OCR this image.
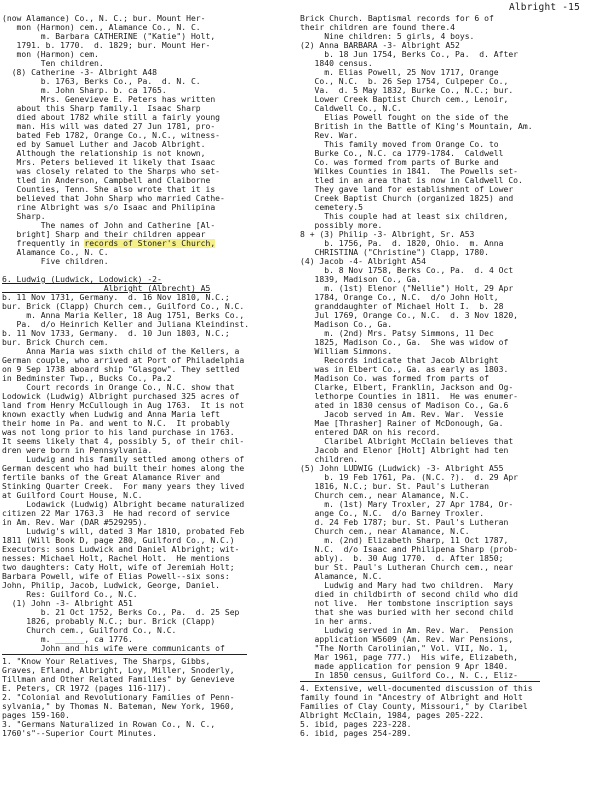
Albright -15
(now Alamance) Co., N. C.; bur. Mount Her-
mon (Harmon) cem., Alamance Co., N. C.
m. Barbara CATHERINE ("Katie") Holt,
1791. b. 1770.  d. 1829; bur. Mount Her-
mon (Harmon) cem.
Ten children.
(8) Catherine -3- Albright A48
b. 1763, Berks Co., Pa.  d. N. C.
m. John Sharp. b. ca 1765.
Mrs. Genevieve E. Peters has written
about this Sharp family.1  Isaac Sharp
died about 1782 while still a fairly young
man. His will was dated 27 Jun 1781, pro-
bated Feb 1782, Orange Co., N.C., witness-
ed by Samuel Luther and Jacob Albright.
Although the relationship is not known,
Mrs. Peters believed it likely that Isaac
was closely related to the Sharps who set-
tled in Anderson, Campbell and Claiborne
Counties, Tenn. She also wrote that it is
believed that John Sharp who married Cathe-
rine Albright was s/o Isaac and Philipina
Sharp.
The names of John and Catherine [Al-
bright] Sharp and their children appear
frequently in records of Stoner's Church,
Alamance Co., N. C.
Five children.
6. Ludwig (Ludwick, Lodowick) -2-
Albright (Albrecht) A5
b. 11 Nov 1731, Germany.  d. 16 Nov 1810, N.C.;
bur. Brick (Clapp) Church cem., Guilford Co., N.C.
m. Anna Maria Keller, 18 Aug 1751, Berks Co.,
Pa.  d/o Heinrich Keller and Juliana Kleindinst.
b. 11 Nov 1733, Germany.  d. 10 Jun 1803, N.C.;
bur. Brick Church cem.
Anna Maria was sixth child of the Kellers, a
German couple, who arrived at Port of Philadelphia
on 9 Sep 1738 aboard ship "Glasgow". They settled
in Bedminster Twp., Bucks Co., Pa.2
Court records in Orange Co., N.C. show that
Lodowick (Ludwig) Albright purchased 325 acres of
land from Henry McCullough in Aug 1763.  It is not
known exactly when Ludwig and Anna Maria left
their home in Pa. and went to N.C.  It probably
was not long prior to his land purchase in 1763.
It seems likely that 4, possibly 5, of their chil-
dren were born in Pennsylvania.
Ludwig and his family settled among others of
German descent who had built their homes along the
fertile banks of the Great Alamance River and
Stinking Quarter Creek.  For many years they lived
at Guilford Court House, N.C.
Lodawick (Ludwig) Albright became naturalized
citizen 22 Mar 1763.3  He had record of service
in Am. Rev. War (DAR #529295).
Ludwig's will, dated 3 Mar 1810, probated Feb
1811 (Will Book D, page 280, Guilford Co., N.C.)
Executors: sons Ludwick and Daniel Albright; wit-
nesses: Michael Holt, Rachel Holt.  He mentions
two daughters: Caty Holt, wife of Jeremiah Holt;
Barbara Powell, wife of Elias Powell--six sons:
John, Philip, Jacob, Ludwick, George, Daniel.
Res: Guilford Co., N.C.
(1) John -3- Albright A51
b. 21 Oct 1752, Berks Co., Pa.  d. 25 Sep
1826, probably N.C.; bur. Brick (Clapp)
Church cem., Guilford Co., N.C.
m. ______, ca 1776.
John and his wife were communicants of
1. "Know Your Relatives, The Sharps, Gibbs,
Graves, Efland, Albright, Loy, Miller, Snoderly,
Tillman and Other Related Families" by Genevieve
E. Peters, CR 1972 (pages 116-117).
2. "Colonial and Revolutionary Families of Penn-
sylvania," by Thomas N. Bateman, New York, 1960,
pages 159-160.
3. "Germans Naturalized in Rowan Co., N. C.,
1760's"--Superior Court Minutes.
Brick Church. Baptismal records for 6 of
their children are found there.4
Nine children: 5 girls, 4 boys.
(2) Anna BARBARA -3- Albright A52
b. 18 Jun 1754, Berks Co., Pa.  d. After
1840 census.
m. Elias Powell, 25 Nov 1717, Orange
Co., N.C.  b. 26 Sep 1754, Culpeper Co.,
Va.  d. 5 May 1832, Burke Co., N.C.; bur.
Lower Creek Baptist Church cem., Lenoir,
Caldwell Co., N.C.
Elias Powell fought on the side of the
British in the Battle of King's Mountain, Am.
Rev. War.
This family moved from Orange Co. to
Burke Co., N.C. ca 1779-1784.  Caldwell
Co. was formed from parts of Burke and
Wilkes Counties in 1841.  The Powells set-
tled in an area that is now in Caldwell Co.
They gave land for establishment of Lower
Creek Baptist Church (organized 1825) and
cemetery.5
This couple had at least six children,
possibly more.
8 + (3) Philip -3- Albright, Sr. A53
b. 1756, Pa.  d. 1820, Ohio.  m. Anna
CHRISTINA ("Christine") Clapp, 1780.
(4) Jacob -4- Albright A54
b. 8 Nov 1758, Berks Co., Pa.  d. 4 Oct
1839, Madison Co., Ga.
m. (1st) Elenor ("Nellie") Holt, 29 Apr
1784, Orange Co., N.C.  d/o John Holt,
granddaughter of Michael Holt I.  b. 28
Jul 1769, Orange Co., N.C.  d. 3 Nov 1820,
Madison Co., Ga.
m. (2nd) Mrs. Patsy Simmons, 11 Dec
1825, Madison Co., Ga.  She was widow of
William Simmons.
Records indicate that Jacob Albright
was in Elbert Co., Ga. as early as 1803.
Madison Co. was formed from parts of
Clarke, Elbert, Franklin, Jackson and Og-
lethorpe Counties in 1811.  He was enumer-
ated in 1830 census of Madison Co., Ga.6
Jacob served in Am. Rev. War.  Vessie
Mae [Thrasher] Rainer of McDonough, Ga.
entered DAR on his record.
Claribel Albright McClain believes that
Jacob and Elenor [Holt] Albright had ten
children.
(5) John LUDWIG (Ludwick) -3- Albright A55
b. 19 Feb 1761, Pa. (N.C. ?).  d. 29 Apr
1816, N.C.; bur. St. Paul's Lutheran
Church cem., near Alamance, N.C.
m. (1st) Mary Troxler, 27 Apr 1784, Or-
ange Co., N.C.  d/o Barney Troxler.
d. 24 Feb 1787; bur. St. Paul's Lutheran
Church cem., near Alamance, N.C.
m. (2nd) Elizabeth Sharp, 11 Oct 1787,
N.C.  d/o Isaac and Philipena Sharp (prob-
ably).  b. 30 Aug 1770.  d. After 1850;
bur St. Paul's Lutheran Church cem., near
Alamance, N.C.
Ludwig and Mary had two children.  Mary
died in childbirth of second child who did
not live.  Her tombstone inscription says
that she was buried with her second child
in her arms.
Ludwig served in Am. Rev. War.  Pension
application W5609 (Am. Rev. War Pensions,
"The North Carolinian," Vol. VII, No. 1,
Mar 1961, page 777.)  His wife, Elizabeth,
made application for pension 9 Apr 1840.
In 1850 census, Guilford Co., N. C., Eliz-
4. Extensive, well-documented discussion of this
family found in "Ancestry of Albright and Holt
Families of Clay County, Missouri," by Claribel
Albright McClain, 1984, pages 205-222.
5. ibid, pages 223-228.
6. ibid, pages 254-289.
